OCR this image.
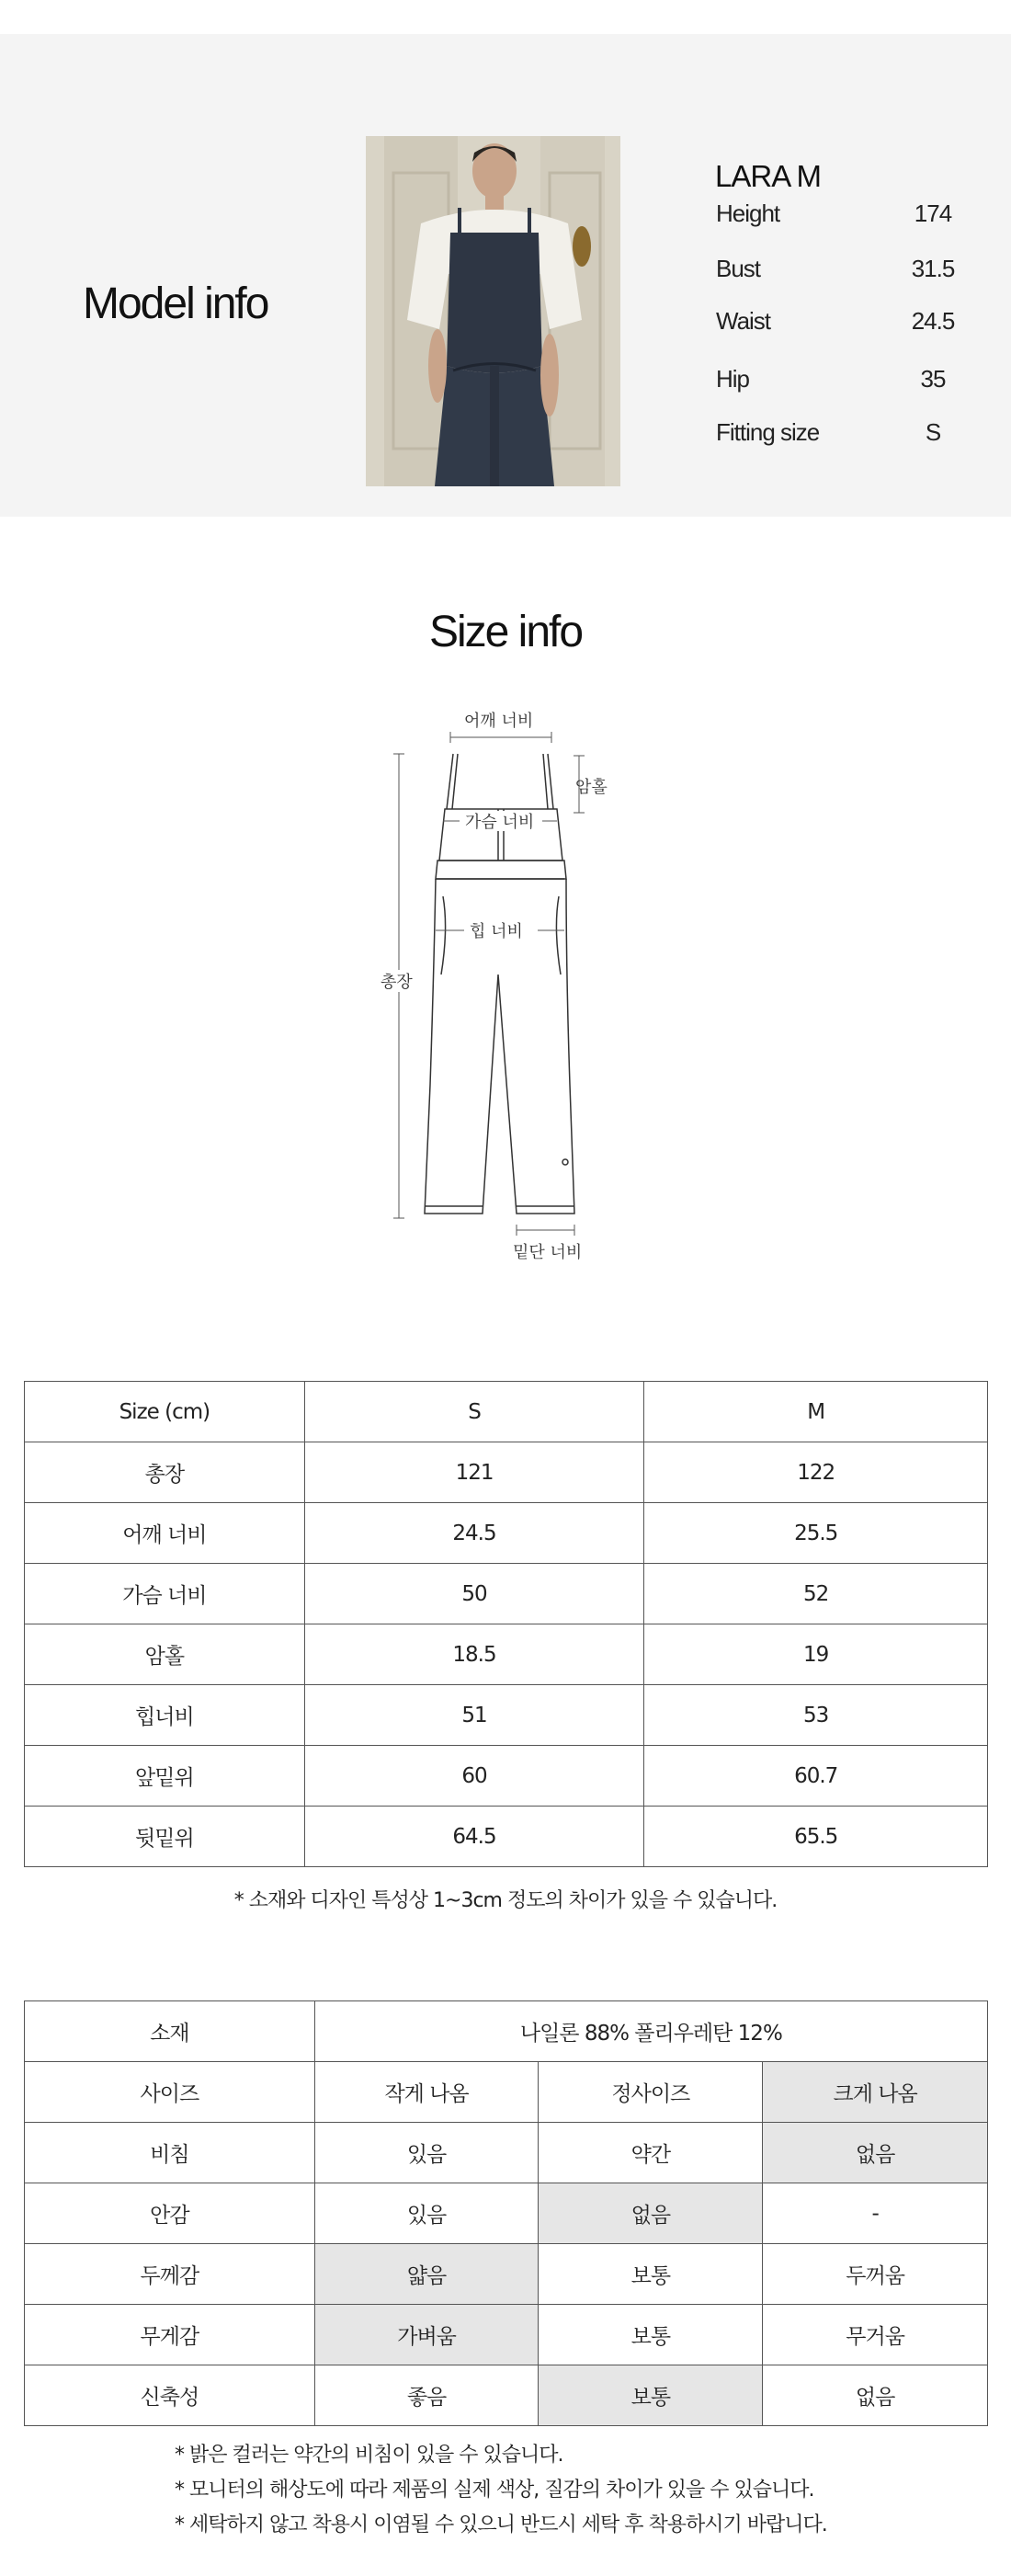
Model info
LARA M
Height	174
Bust	31.5
Waist	24.5
Hip	35
Fitting size	S
Size info
어깨 너비
암홀
가슴 너비
힙 너비
총장
밑단 너비
Size (cm)	S	M
총장	121	122
어깨 너비	24.5	25.5
가슴 너비	50	52
암홀	18.5	19
힙너비	51	53
앞밑위	60	60.7
뒷밑위	64.5	65.5
* 소재와 디자인 특성상 1~3cm 정도의 차이가 있을 수 있습니다.
소재	나일론 88% 폴리우레탄 12%		
사이즈	작게 나옴	정사이즈	크게 나옴
비침	있음	약간	없음
안감	있음	없음	-
두께감	얇음	보통	두꺼움
무게감	가벼움	보통	무거움
신축성	좋음	보통	없음
* 밝은 컬러는 약간의 비침이 있을 수 있습니다.
* 모니터의 해상도에 따라 제품의 실제 색상, 질감의 차이가 있을 수 있습니다.
* 세탁하지 않고 착용시 이염될 수 있으니 반드시 세탁 후 착용하시기 바랍니다.
